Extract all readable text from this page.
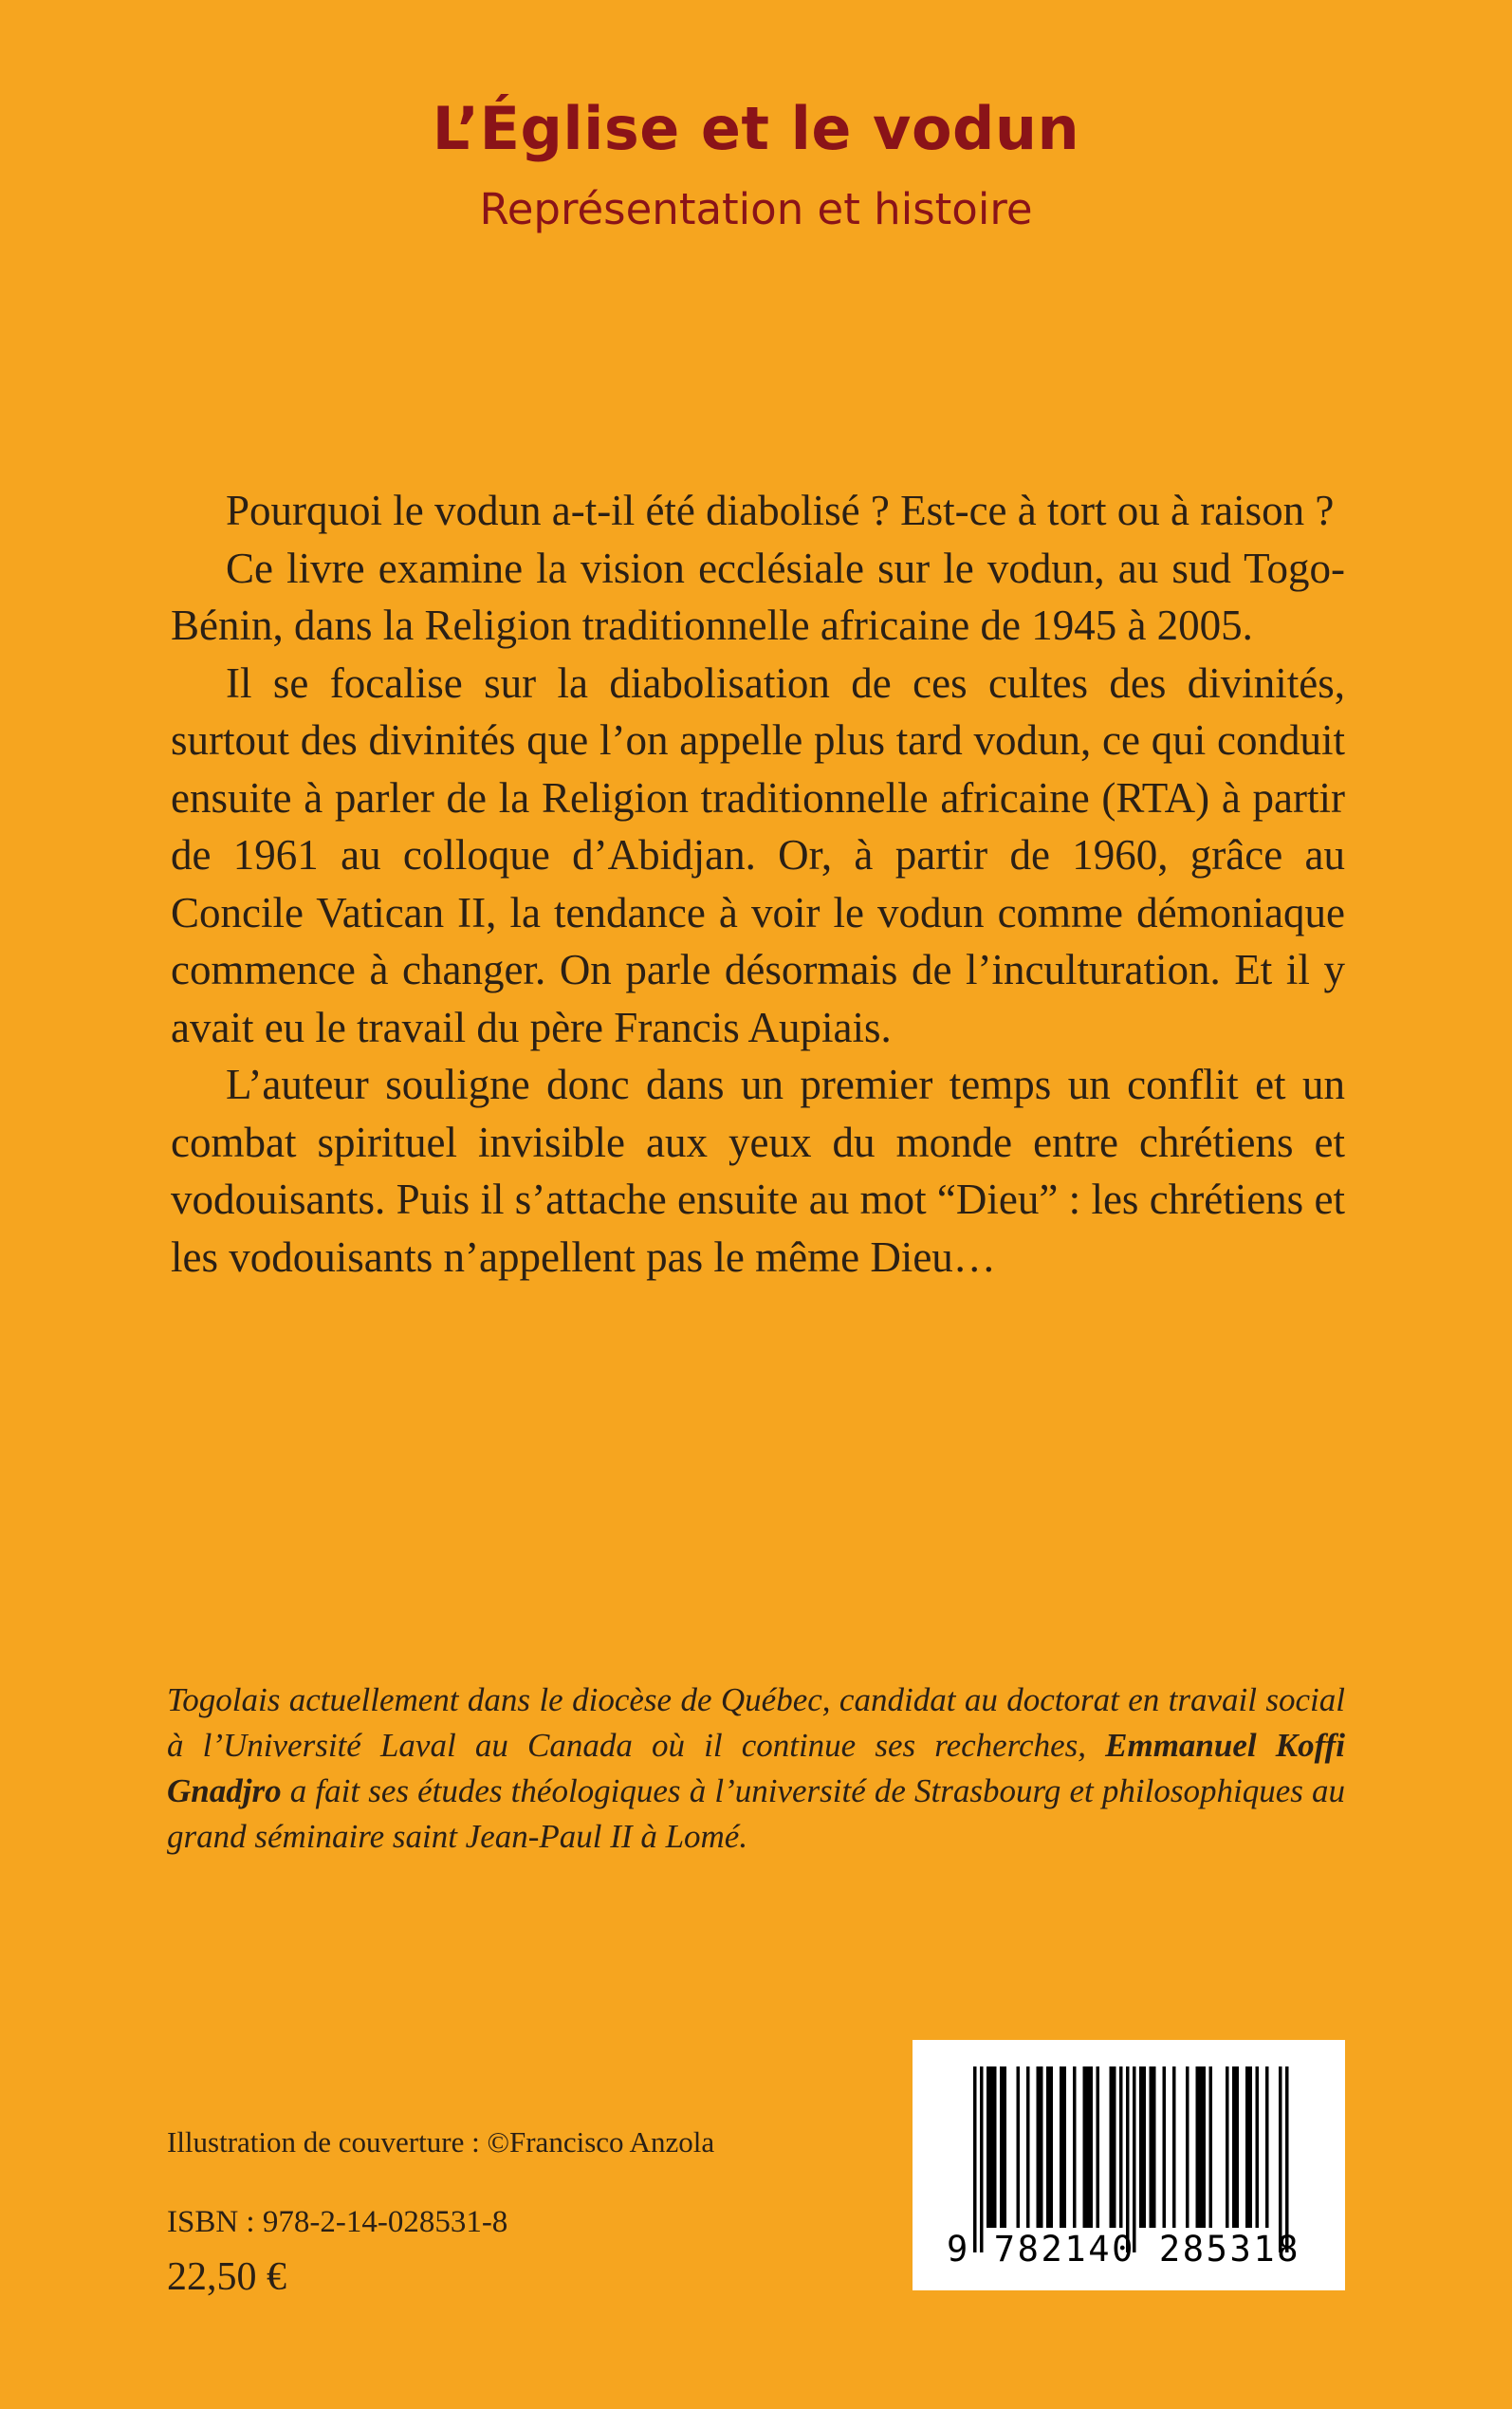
L’Église et le vodun
Représentation et histoire

Pourquoi le vodun a-t-il été diabolisé ? Est-ce à tort ou à raison ?

Ce livre examine la vision ecclésiale sur le vodun, au sud Togo-Bénin, dans la Religion traditionnelle africaine de 1945 à 2005.

Il se focalise sur la diabolisation de ces cultes des divinités, surtout des divinités que l’on appelle plus tard vodun, ce qui conduit ensuite à parler de la Religion traditionnelle africaine (RTA) à partir de 1961 au colloque d’Abidjan. Or, à partir de 1960, grâce au Concile Vatican II, la tendance à voir le vodun comme démoniaque commence à changer. On parle désormais de l’inculturation. Et il y avait eu le travail du père Francis Aupiais.

L’auteur souligne donc dans un premier temps un conflit et un combat spirituel invisible aux yeux du monde entre chrétiens et vodouisants. Puis il s’attache ensuite au mot “Dieu” : les chrétiens et les vodouisants n’appellent pas le même Dieu…

Togolais actuellement dans le diocèse de Québec, candidat au doctorat en travail social à l’Université Laval au Canada où il continue ses recherches, Emmanuel Koffi Gnadjro a fait ses études théologiques à l’université de Strasbourg et philosophiques au grand séminaire saint Jean-Paul II à Lomé.

Illustration de couverture : ©Francisco Anzola
ISBN : 978-2-14-028531-8
22,50 €
9 782140 285318
